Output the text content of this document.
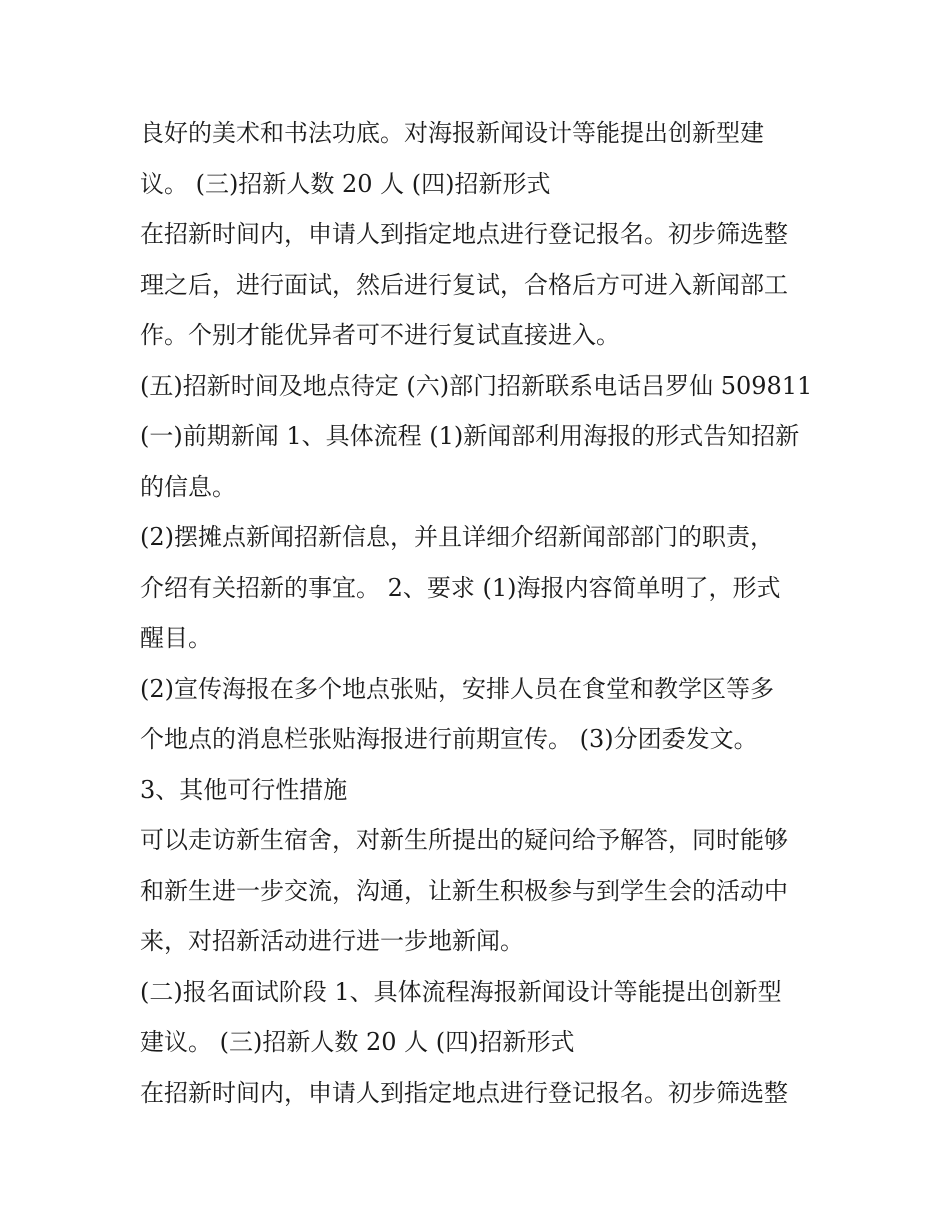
良好的美术和书法功底。对海报新闻设计等能提出创新型建
议。 (三)招新人数 20 人 (四)招新形式
在招新时间内，申请人到指定地点进行登记报名。初步筛选整
理之后，进行面试，然后进行复试，合格后方可进入新闻部工
作。个别才能优异者可不进行复试直接进入。
(五)招新时间及地点待定 (六)部门招新联系电话吕罗仙 509811
(一)前期新闻 1、具体流程 (1)新闻部利用海报的形式告知招新
的信息。
(2)摆摊点新闻招新信息，并且详细介绍新闻部部门的职责，
介绍有关招新的事宜。 2、要求 (1)海报内容简单明了，形式
醒目。
(2)宣传海报在多个地点张贴，安排人员在食堂和教学区等多
个地点的消息栏张贴海报进行前期宣传。 (3)分团委发文。
3、其他可行性措施
可以走访新生宿舍，对新生所提出的疑问给予解答，同时能够
和新生进一步交流，沟通，让新生积极参与到学生会的活动中
来，对招新活动进行进一步地新闻。
(二)报名面试阶段 1、具体流程海报新闻设计等能提出创新型
建议。 (三)招新人数 20 人 (四)招新形式
在招新时间内，申请人到指定地点进行登记报名。初步筛选整
